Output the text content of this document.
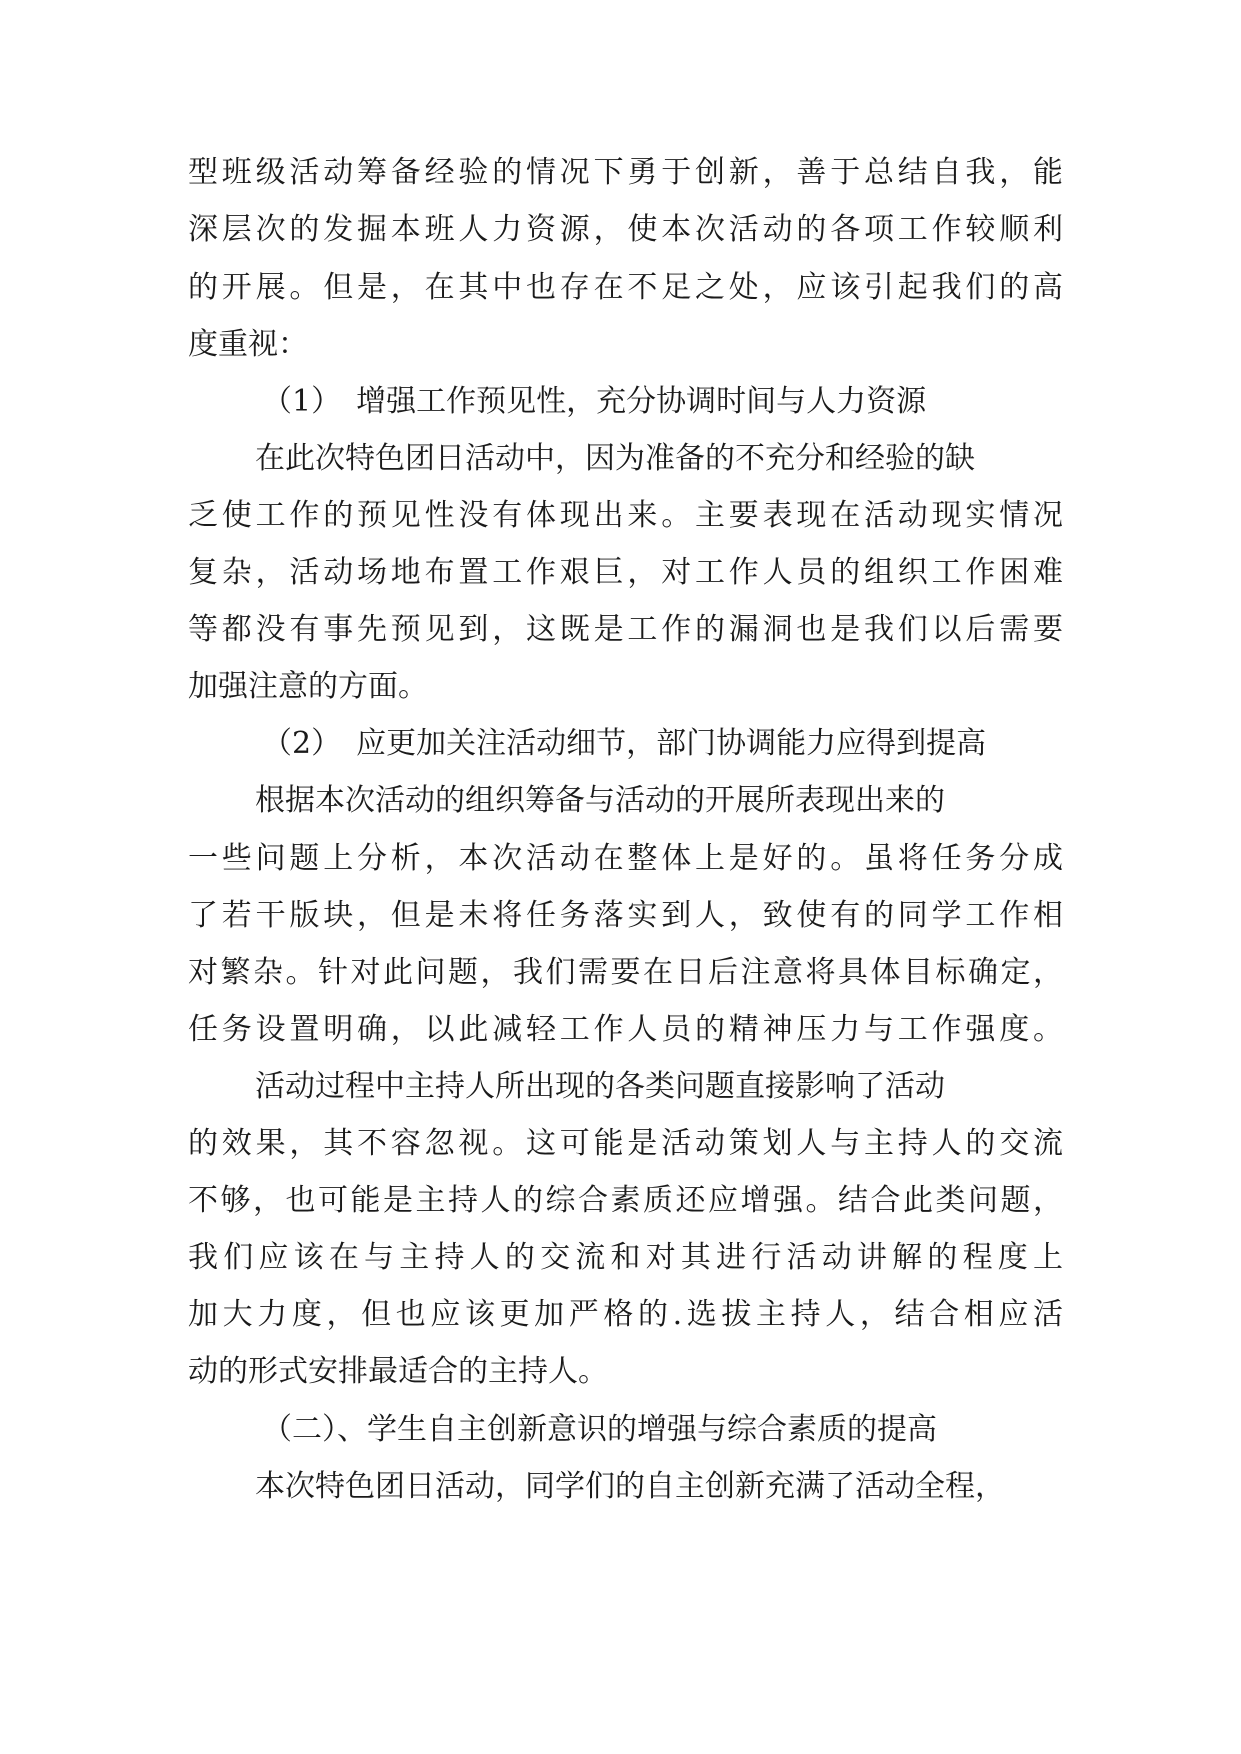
型班级活动筹备经验的情况下勇于创新，善于总结自我，能
深层次的发掘本班人力资源，使本次活动的各项工作较顺利
的开展。但是，在其中也存在不足之处，应该引起我们的高
度重视：
（1）　增强工作预见性，充分协调时间与人力资源
在此次特色团日活动中，因为准备的不充分和经验的缺
乏使工作的预见性没有体现出来。主要表现在活动现实情况
复杂，活动场地布置工作艰巨，对工作人员的组织工作困难
等都没有事先预见到，这既是工作的漏洞也是我们以后需要
加强注意的方面。
（2）　应更加关注活动细节，部门协调能力应得到提高
根据本次活动的组织筹备与活动的开展所表现出来的
一些问题上分析，本次活动在整体上是好的。虽将任务分成
了若干版块，但是未将任务落实到人，致使有的同学工作相
对繁杂。针对此问题，我们需要在日后注意将具体目标确定，
任务设置明确，以此减轻工作人员的精神压力与工作强度。
活动过程中主持人所出现的各类问题直接影响了活动
的效果，其不容忽视。这可能是活动策划人与主持人的交流
不够，也可能是主持人的综合素质还应增强。结合此类问题，
我们应该在与主持人的交流和对其进行活动讲解的程度上
加大力度，但也应该更加严格的.选拔主持人，结合相应活
动的形式安排最适合的主持人。
（二）、学生自主创新意识的增强与综合素质的提高
本次特色团日活动，同学们的自主创新充满了活动全程，
